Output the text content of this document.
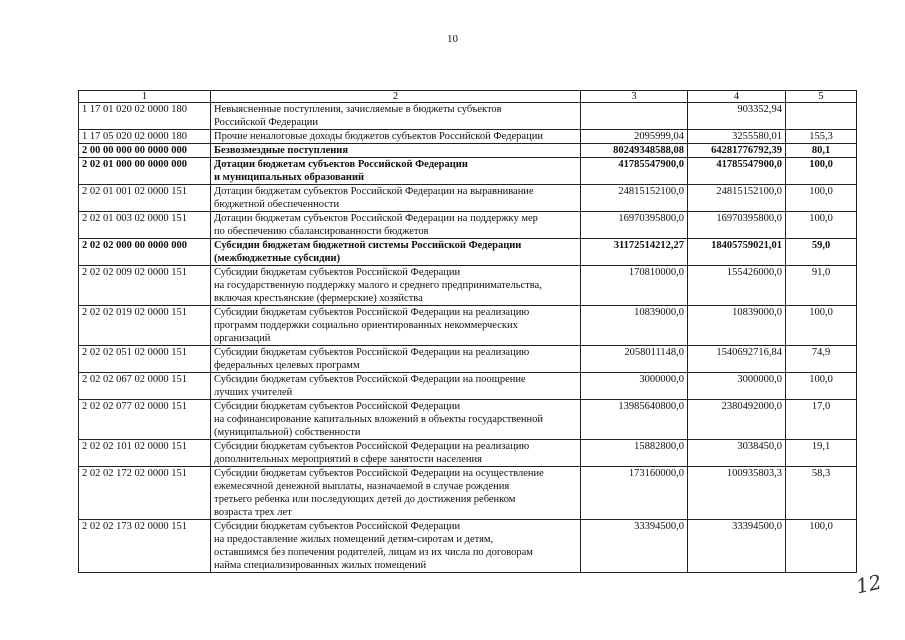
10
1	2	3	4	5
1 17 01 020 02 0000 180	Невыясненные поступления, зачисляемые в бюджеты субъектов
Российской Федерации		903352,94	
1 17 05 020 02 0000 180	Прочие неналоговые доходы бюджетов субъектов Российской Федерации	2095999,04	3255580,01	155,3
2 00 00 000 00 0000 000	Безвозмездные поступления	80249348588,08	64281776792,39	80,1
2 02 01 000 00 0000 000	Дотации бюджетам субъектов Российской Федерации
и муниципальных образований	41785547900,0	41785547900,0	100,0
2 02 01 001 02 0000 151	Дотации бюджетам субъектов Российской Федерации на выравнивание
бюджетной обеспеченности	24815152100,0	24815152100,0	100,0
2 02 01 003 02 0000 151	Дотации бюджетам субъектов Российской Федерации на поддержку мер
по обеспечению сбалансированности бюджетов	16970395800,0	16970395800,0	100,0
2 02 02 000 00 0000 000	Субсидии бюджетам бюджетной системы Российской Федерации
(межбюджетные субсидии)	31172514212,27	18405759021,01	59,0
2 02 02 009 02 0000 151	Субсидии бюджетам субъектов Российской Федерации
на государственную поддержку малого и среднего предпринимательства,
включая крестьянские (фермерские) хозяйства	170810000,0	155426000,0	91,0
2 02 02 019 02 0000 151	Субсидии бюджетам субъектов Российской Федерации на реализацию
программ поддержки социально ориентированных некоммерческих
организаций	10839000,0	10839000,0	100,0
2 02 02 051 02 0000 151	Субсидии бюджетам субъектов Российской Федерации на реализацию
федеральных целевых программ	2058011148,0	1540692716,84	74,9
2 02 02 067 02 0000 151	Субсидии бюджетам субъектов Российской Федерации на поощрение
лучших учителей	3000000,0	3000000,0	100,0
2 02 02 077 02 0000 151	Субсидии бюджетам субъектов Российской Федерации
на софинансирование капитальных вложений в объекты государственной
(муниципальной) собственности	13985640800,0	2380492000,0	17,0
2 02 02 101 02 0000 151	Субсидии бюджетам субъектов Российской Федерации на реализацию
дополнительных мероприятий в сфере занятости населения	15882800,0	3038450,0	19,1
2 02 02 172 02 0000 151	Субсидии бюджетам субъектов Российской Федерации на осуществление
ежемесячной денежной выплаты, назначаемой в случае рождения
третьего ребенка или последующих детей до достижения ребенком
возраста трех лет	173160000,0	100935803,3	58,3
2 02 02 173 02 0000 151	Субсидии бюджетам субъектов Российской Федерации
на предоставление жилых помещений детям-сиротам и детям,
оставшимся без попечения родителей, лицам из их числа по договорам
найма специализированных жилых помещений	33394500,0	33394500,0	100,0
12
